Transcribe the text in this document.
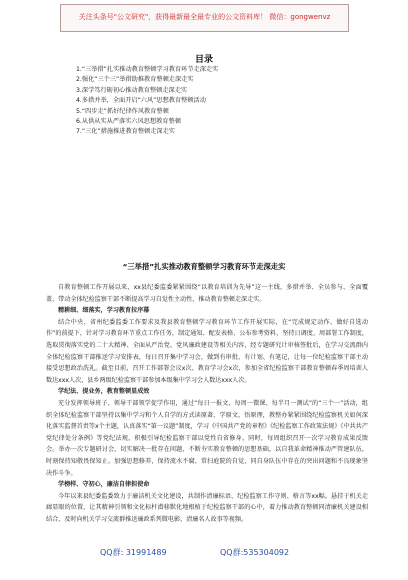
关注头条号"公文研究"，获得最新最全最专业的公文资料库！ 微信：gongwenvz
目录
1.“三举措”扎实推动教育整顿学习教育环节走深走实
2.强化“三个三”举措助推教育整顿走深走实
3.深学笃行砺初心推动教育整顿走深走实
4.多措并举，全面开启“六风”思想教育整顿活动
5.“四步走”抓好纪律作风教育整顿
6.从供从实从严落实六风思想教育整顿
7.“三化”措施推进教育整顿走深走实
“三举措”扎实推动教育整顿学习教育环节走深走实

自教育整顿工作开展以来，xx县纪委监委紧紧围绕“以教育培训为先导”这一主线，多措并举、全员参与、全面覆盖，带动全体纪检监察干部不断提高学习自觉性主动性，推动教育整顿走深走实。

精耕细、细落实，学习教育拉序幕

结合中央、省州纪委监委工作要求及我县教育整顿学习教育环节工作开展实际，在“完成规定动作、做好自选动作”的前提下，针对学习教育环节重点工作任务，制定通知、配发表格、公布参考资料，坚持日调度、周部署工作制度，选取贯彻落实党的二十大精神、全面从严治党、党风廉政建设等相关内容，经专题研究计审核签批后，在学习交流群内全体纪检监察干部推送学习安排表，每日召开集中学习会，做到有串批、有计划、有笔记，让每一位纪检监察干部主动接受思想政治洗礼。截至目前，召开工作部署会议x次、教育学习会x次，参加全省纪检监察干部教育整顿春季周培训人数达xxx人次，县乡两级纪检监察干部参加本级集中学习会人数达xxx人次。

学纪法、提业务，教育整顿显成效

充分发挥领导班子、领导干部领学促学作用，通过“每日一报文、每周一微课、每半月一测试”的“三个一”活动，组织全体纪检监察干部坚持以集中学习和个人自学的方式读原著、学原文、悟原理，教整办紧紧围绕纪检监察机关如何深化落实监督首责等x个主题，认真落实“第一议题”制度，学习《中国共产党的章程》《纪检监察工作政策法规》《中共共产党纪律处分条例》等党纪法规，积极引导纪检监察干部以党性自省修身。同时，每周组织召开一次学习教育成果反馈会。举办一次专题研讨会，切实解决一批存在问题，不断夯实教育整顿的思想基础，以自我革命精神推动严管建队伍，时刻保持知敬畏保知止。加强思想修养，保持流水不腐、常扫庭院的自觉，同自身队伍中存在的突出问题和不良现象坚决作斗争。

学榜样、守初心，廉洁自律担使命

今年以来县纪委监委致力于廉洁机关文化建设，共制作清廉标语、纪检监察工作守则、格言等xx幅。悬挂于机关走廊显眼的位置，让其精神引领和文化标杆潜移默化地根植于纪检监察干部的心中，着力推动教育整顿同清廉机关建设相结合，及时向机关学习交流群推送廉政系列微电影、清廉名人故事等视频。

QQ群: 31991489	QQ群:535304092
